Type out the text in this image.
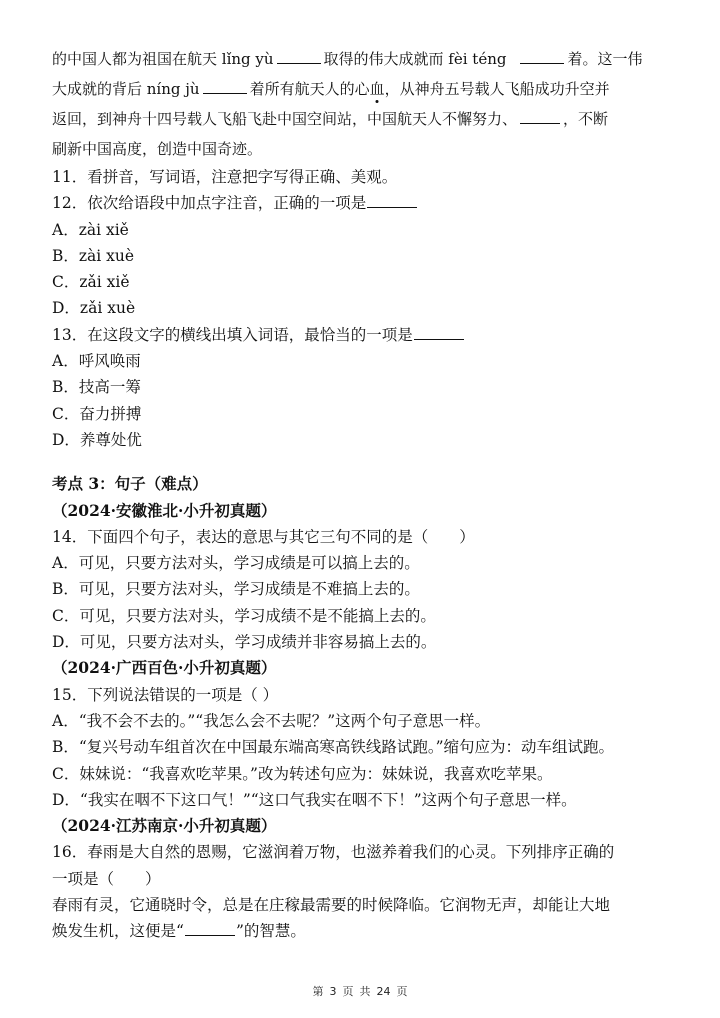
的中国人都为祖国在航天 lǐng yù	取得的伟大成就而 fèi téng	着。这一伟
大成就的背后 níng jù	着所有航天人的心血，从神舟五号载人飞船成功升空并
返回，到神舟十四号载人飞船飞赴中国空间站，中国航天人不懈努力、	，不断
刷新中国高度，创造中国奇迹。
11．看拼音，写词语，注意把字写得正确、美观。
12．依次给语段中加点字注音，正确的一项是
A．zài xiě
B．zài xuè
C．zǎi xiě
D．zǎi xuè
13．在这段文字的横线出填入词语，最恰当的一项是
A．呼风唤雨
B．技高一筹
C．奋力拼搏
D．养尊处优
考点 3：句子（难点）
（2024·安徽淮北·小升初真题）
14．下面四个句子，表达的意思与其它三句不同的是（　　）
A．可见，只要方法对头，学习成绩是可以搞上去的。
B．可见，只要方法对头，学习成绩是不难搞上去的。
C．可见，只要方法对头，学习成绩不是不能搞上去的。
D．可见，只要方法对头，学习成绩并非容易搞上去的。
（2024·广西百色·小升初真题）
15．下列说法错误的一项是（ ）
A．“我不会不去的。”“我怎么会不去呢？”这两个句子意思一样。
B．“复兴号动车组首次在中国最东端高寒高铁线路试跑。”缩句应为：动车组试跑。
C．妹妹说：“我喜欢吃苹果。”改为转述句应为：妹妹说，我喜欢吃苹果。
D．“我实在咽不下这口气！”“这口气我实在咽不下！”这两个句子意思一样。
（2024·江苏南京·小升初真题）
16．春雨是大自然的恩赐，它滋润着万物，也滋养着我们的心灵。下列排序正确的
一项是（　　）
春雨有灵，它通晓时令，总是在庄稼最需要的时候降临。它润物无声，却能让大地
焕发生机，这便是“	”的智慧。
第 3 页 共 24 页
